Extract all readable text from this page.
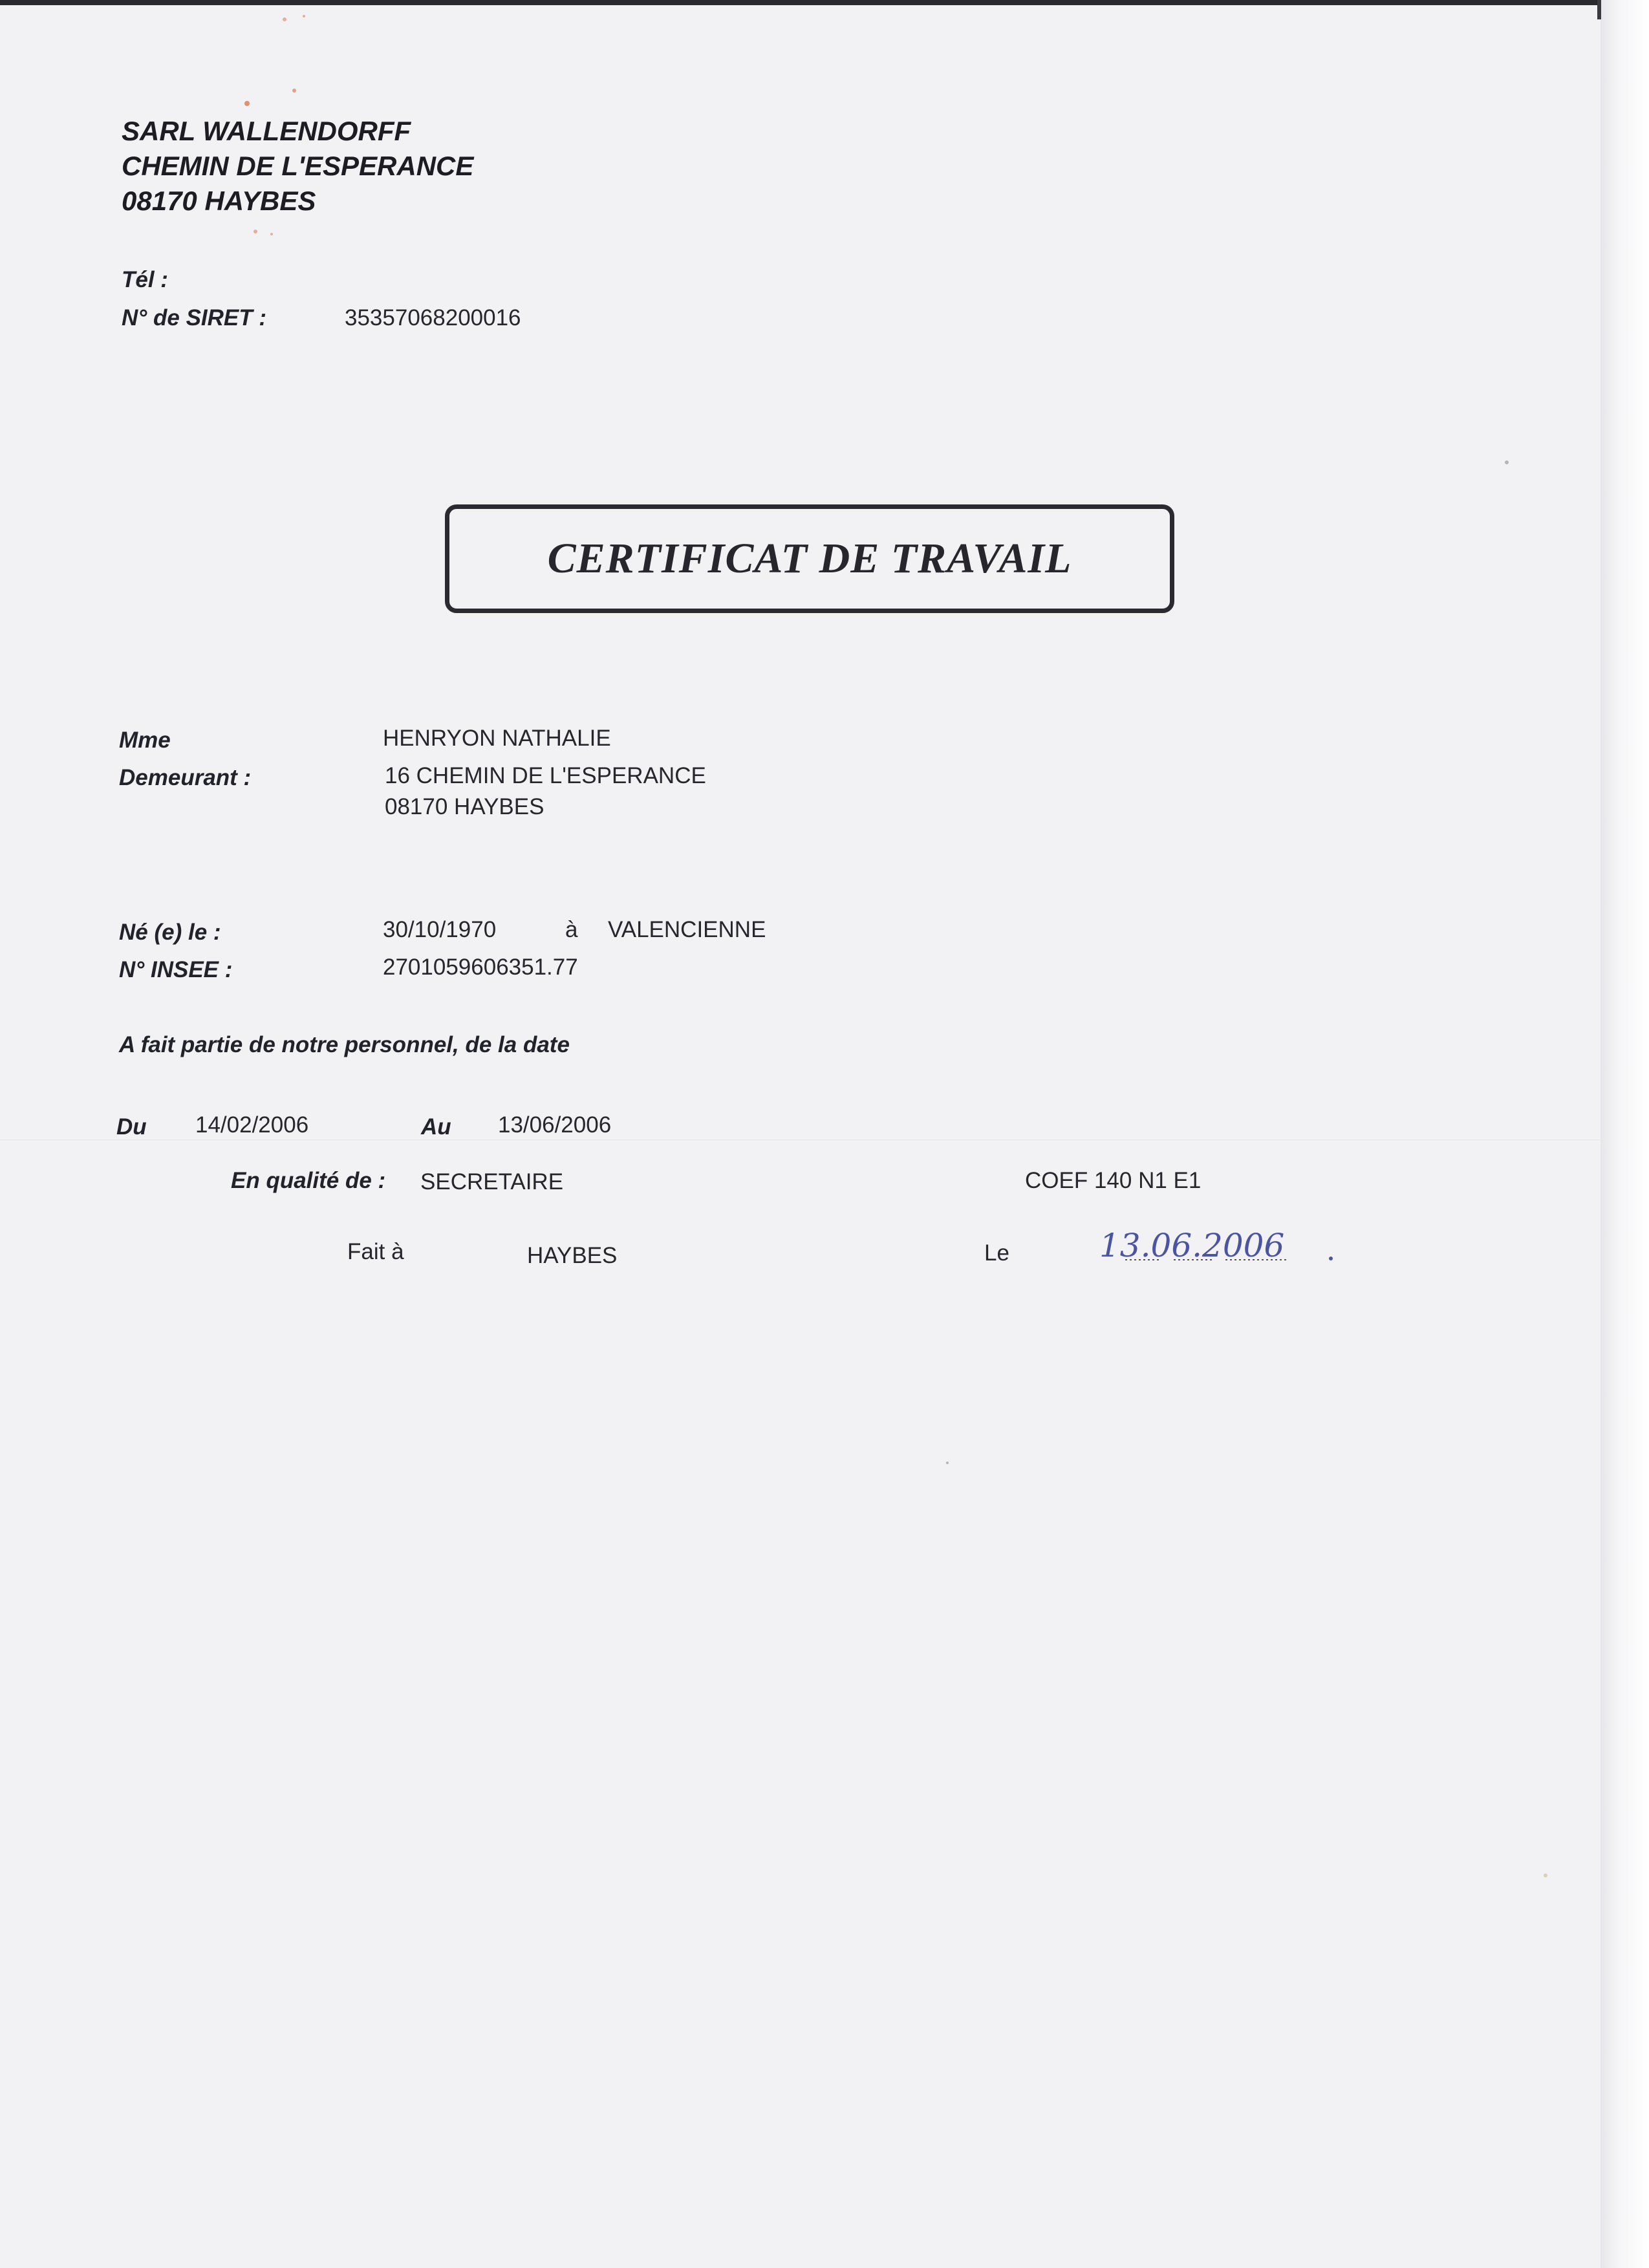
SARL WALLENDORFF
CHEMIN DE L'ESPERANCE
08170 HAYBES
Tél :
N° de SIRET :	35357068200016
CERTIFICAT DE TRAVAIL
Mme	HENRYON NATHALIE
Demeurant :	16 CHEMIN DE L'ESPERANCE
08170 HAYBES
Né (e) le :	30/10/1970	à VALENCIENNE
N° INSEE :	2701059606351.77
A fait partie de notre personnel, de la date
Du 14/02/2006	Au 13/06/2006
En qualité de : SECRETAIRE	COEF 140 N1 E1
Fait à	HAYBES	Le	13.06.2006
